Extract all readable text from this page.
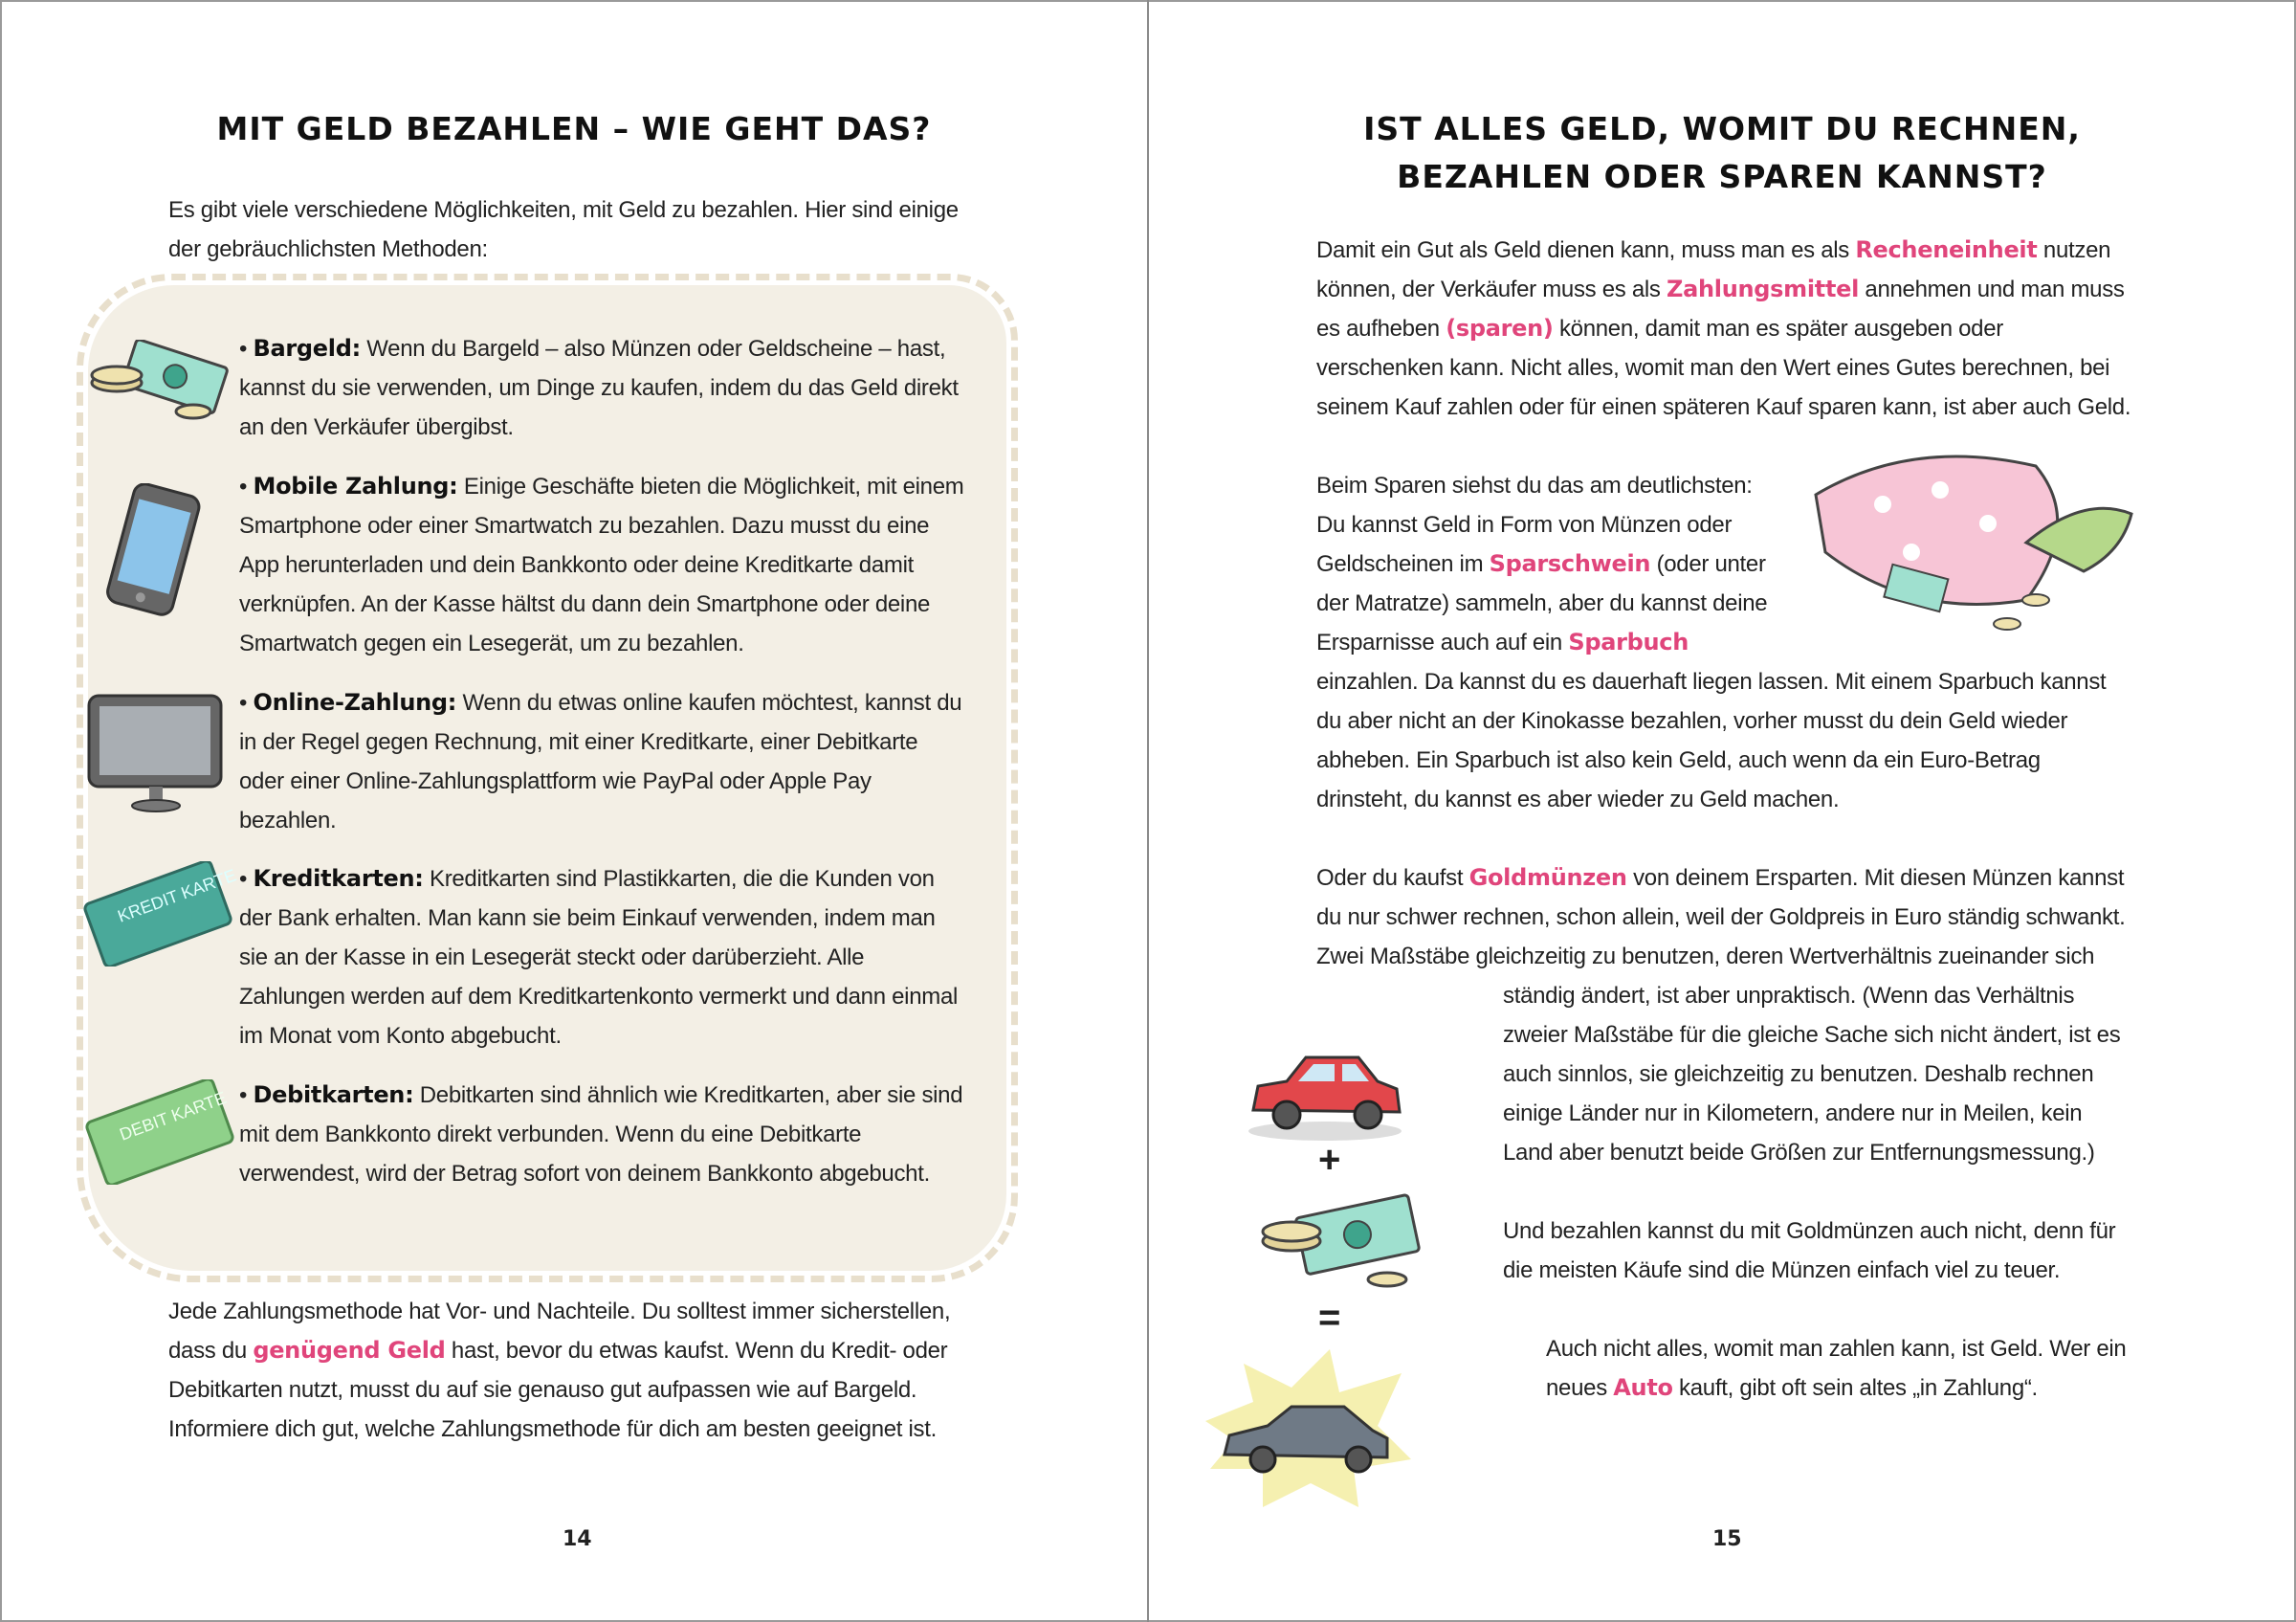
MIT GELD BEZAHLEN – WIE GEHT DAS?

Es gibt viele verschiedene Möglichkeiten, mit Geld zu bezahlen. Hier sind einige der gebräuchlichsten Methoden:

• Bargeld: Wenn du Bargeld – also Münzen oder Geldscheine – hast, kannst du sie verwenden, um Dinge zu kaufen, indem du das Geld direkt an den Verkäufer übergibst.
• Mobile Zahlung: Einige Geschäfte bieten die Möglichkeit, mit einem Smartphone oder einer Smartwatch zu bezahlen. Dazu musst du eine App herunterladen und dein Bankkonto oder deine Kreditkarte damit verknüpfen. An der Kasse hältst du dann dein Smartphone oder deine Smartwatch gegen ein Lesegerät, um zu bezahlen.
• Online-Zahlung: Wenn du etwas online kaufen möchtest, kannst du in der Regel gegen Rechnung, mit einer Kreditkarte, einer Debitkarte oder einer Online-Zahlungsplattform wie PayPal oder Apple Pay bezahlen.
• Kreditkarten: Kreditkarten sind Plastikkarten, die die Kunden von der Bank erhalten. Man kann sie beim Einkauf verwenden, indem man sie an der Kasse in ein Lesegerät steckt oder darüberzieht. Alle Zahlungen werden auf dem Kreditkartenkonto vermerkt und dann einmal im Monat vom Konto abgebucht.
• Debitkarten: Debitkarten sind ähnlich wie Kreditkarten, aber sie sind mit dem Bankkonto direkt verbunden. Wenn du eine Debitkarte verwendest, wird der Betrag sofort von deinem Bankkonto abgebucht.
KREDIT KARTE
DEBIT KARTE

Jede Zahlungsmethode hat Vor- und Nachteile. Du solltest immer sicherstellen, dass du genügend Geld hast, bevor du etwas kaufst. Wenn du Kredit- oder Debitkarten nutzt, musst du auf sie genauso gut aufpassen wie auf Bargeld. Informiere dich gut, welche Zahlungsmethode für dich am besten geeignet ist.

14
IST ALLES GELD, WOMIT DU RECHNEN,
BEZAHLEN ODER SPAREN KANNST?

Damit ein Gut als Geld dienen kann, muss man es als Recheneinheit nutzen können, der Verkäufer muss es als Zahlungsmittel annehmen und man muss es aufheben (sparen) können, damit man es später ausgeben oder verschenken kann. Nicht alles, womit man den Wert eines Gutes berechnen, bei seinem Kauf zahlen oder für einen späteren Kauf sparen kann, ist aber auch Geld.

Beim Sparen siehst du das am deutlichsten: Du kannst Geld in Form von Münzen oder Geldscheinen im Sparschwein (oder unter der Matratze) sammeln, aber du kannst deine Ersparnisse auch auf ein Sparbuch einzahlen. Da kannst du es dauerhaft liegen lassen. Mit einem Sparbuch kannst du aber nicht an der Kinokasse bezahlen, vorher musst du dein Geld wieder abheben. Ein Sparbuch ist also kein Geld, auch wenn da ein Euro-Betrag drinsteht, du kannst es aber wieder zu Geld machen.

Oder du kaufst Goldmünzen von deinem Ersparten. Mit diesen Münzen kannst du nur schwer rechnen, schon allein, weil der Goldpreis in Euro ständig schwankt. Zwei Maßstäbe gleichzeitig zu benutzen, deren Wertverhältnis zueinander sich ständig ändert, ist aber unpraktisch. (Wenn das Verhältnis zweier Maßstäbe für die gleiche Sache sich nicht ändert, ist es auch sinnlos, sie gleichzeitig zu benutzen. Deshalb rechnen einige Länder nur in Kilometern, andere nur in Meilen, kein Land aber benutzt beide Größen zur Entfernungsmessung.)

Und bezahlen kannst du mit Goldmünzen auch nicht, denn für die meisten Käufe sind die Münzen einfach viel zu teuer.

Auch nicht alles, womit man zahlen kann, ist Geld. Wer ein neues Auto kauft, gibt oft sein altes „in Zahlung“.

+
=
15
